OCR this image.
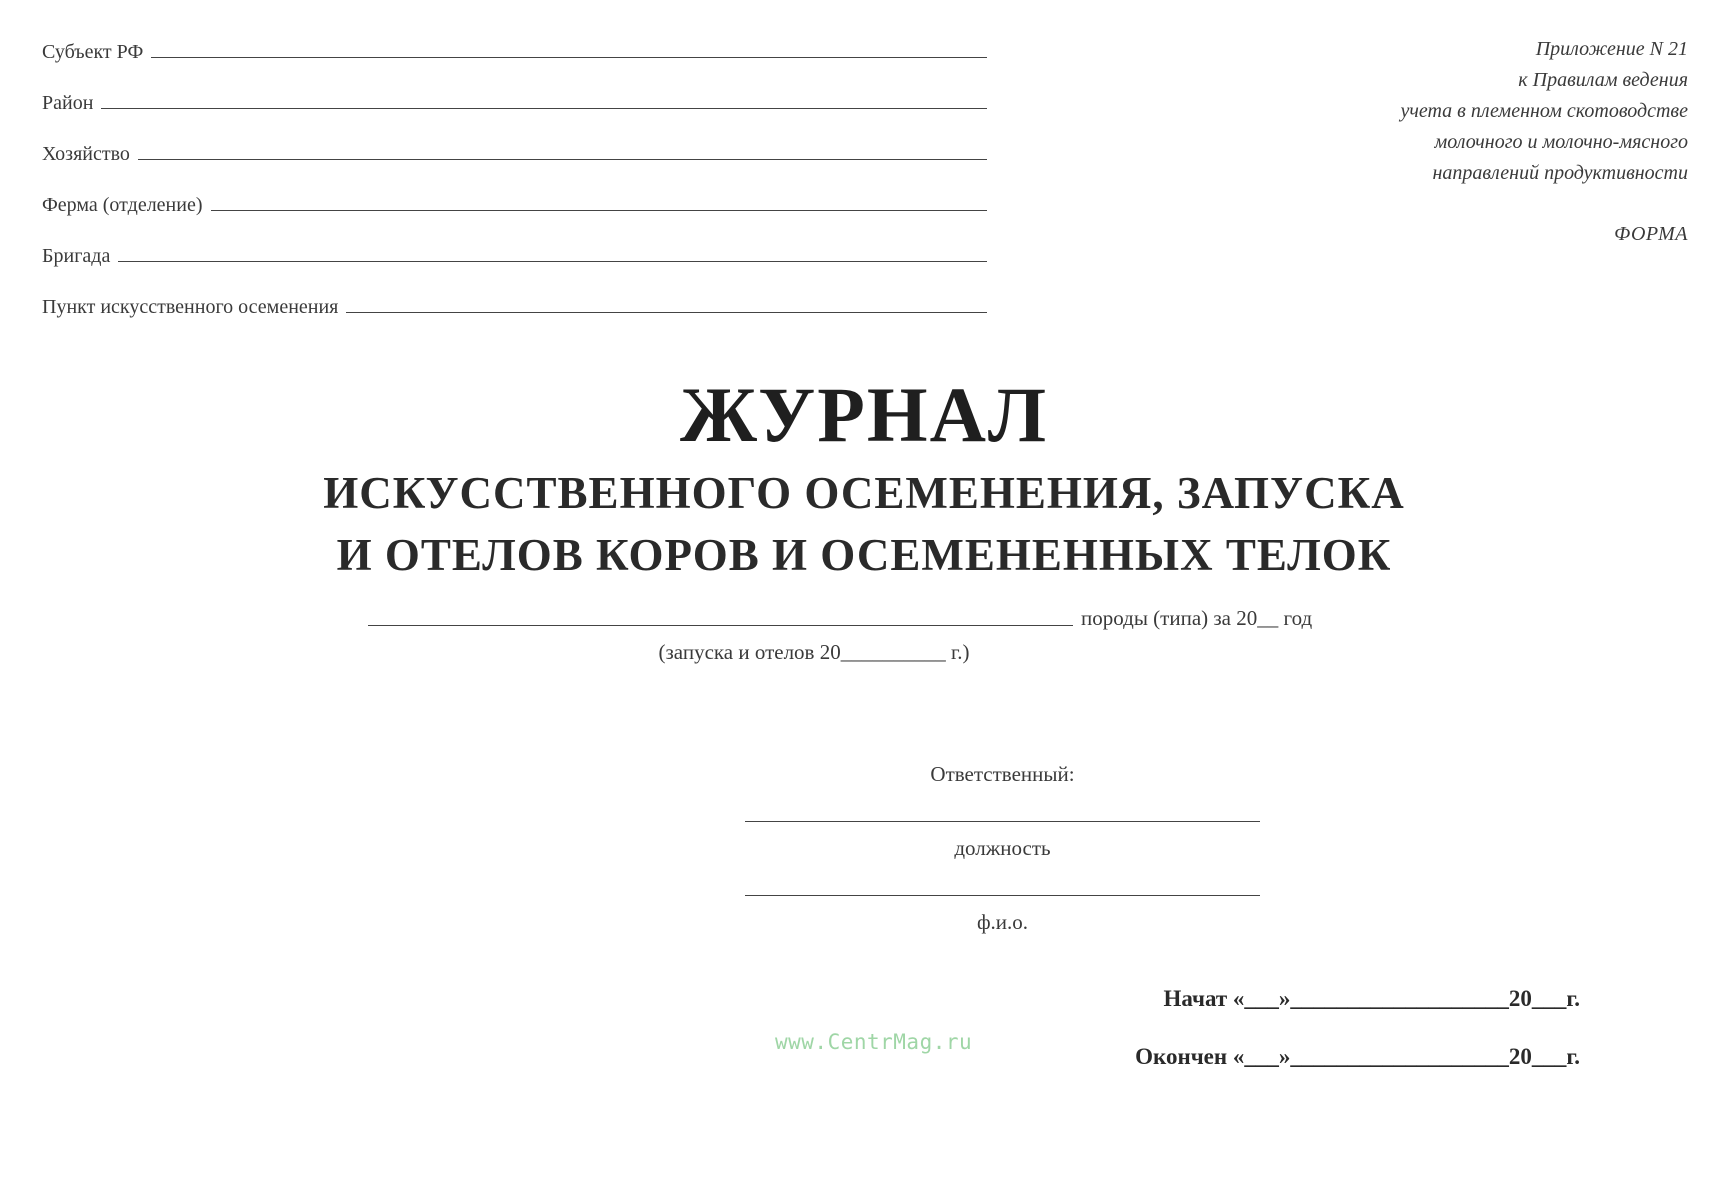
Субъект РФ
Район
Хозяйство
Ферма (отделение)
Бригада
Пункт искусственного осеменения
Приложение N 21
к Правилам ведения
учета в племенном скотоводстве
молочного и молочно-мясного
направлений продуктивности
ФОРМА
ЖУРНАЛ
ИСКУССТВЕННОГО ОСЕМЕНЕНИЯ, ЗАПУСКА
И ОТЕЛОВ КОРОВ И ОСЕМЕНЕННЫХ ТЕЛОК
породы (типа) за 20__ год
(запуска и отелов 20__________ г.)
Ответственный:
должность
ф.и.о.
Начат «___»___________________20___г.
Окончен «___»___________________20___г.
www.CentrMag.ru
